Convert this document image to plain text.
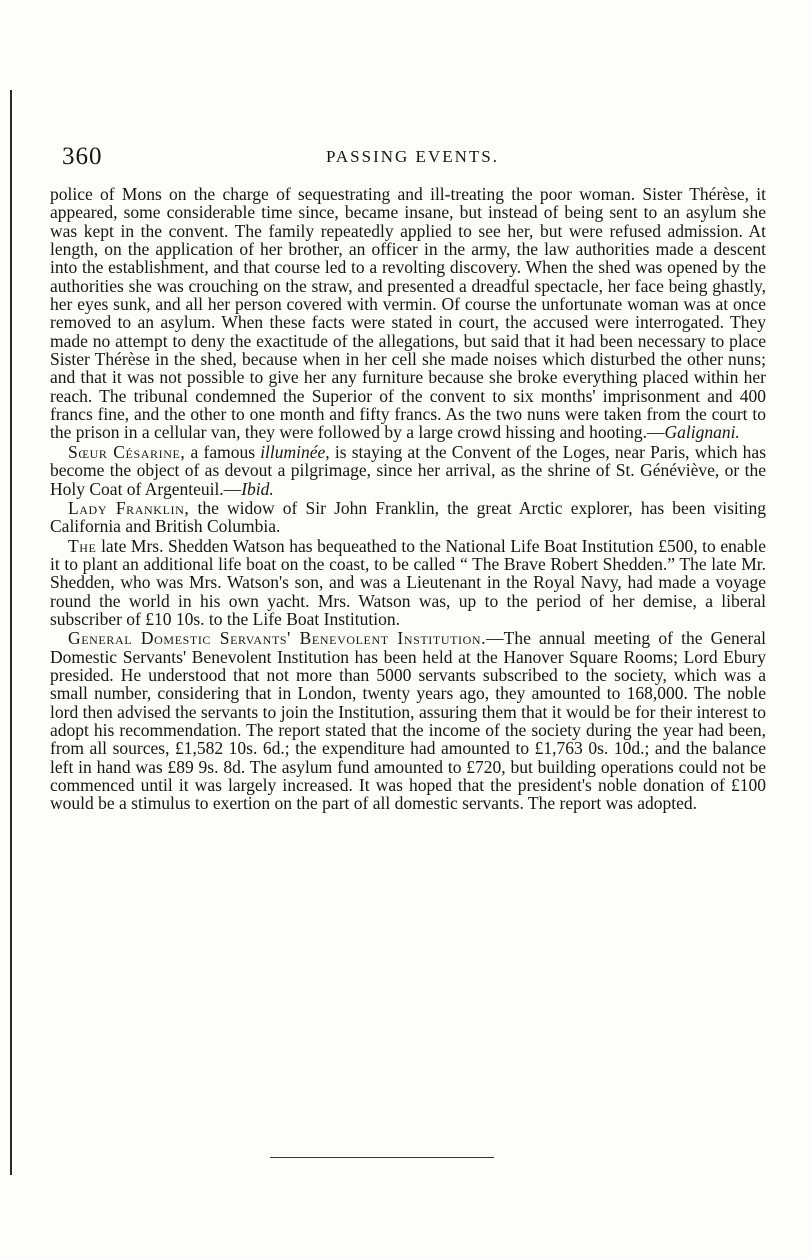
360	PASSING EVENTS.

police of Mons on the charge of sequestrating and ill-treating the poor woman. Sister Thérèse, it appeared, some considerable time since, became insane, but instead of being sent to an asylum she was kept in the convent. The family repeatedly applied to see her, but were refused admission. At length, on the application of her brother, an officer in the army, the law authorities made a descent into the establishment, and that course led to a revolting discovery. When the shed was opened by the authorities she was crouching on the straw, and presented a dreadful spectacle, her face being ghastly, her eyes sunk, and all her person covered with vermin. Of course the unfortunate woman was at once removed to an asylum. When these facts were stated in court, the accused were interrogated. They made no attempt to deny the exactitude of the allegations, but said that it had been necessary to place Sister Thérèse in the shed, because when in her cell she made noises which disturbed the other nuns; and that it was not possible to give her any furniture because she broke everything placed within her reach. The tribunal condemned the Superior of the convent to six months' imprisonment and 400 francs fine, and the other to one month and fifty francs. As the two nuns were taken from the court to the prison in a cellular van, they were followed by a large crowd hissing and hooting.—Galignani.

Sœur Césarine, a famous illuminée, is staying at the Convent of the Loges, near Paris, which has become the object of as devout a pilgrimage, since her arrival, as the shrine of St. Généviève, or the Holy Coat of Argenteuil.—Ibid.

Lady Franklin, the widow of Sir John Franklin, the great Arctic explorer, has been visiting California and British Columbia.

The late Mrs. Shedden Watson has bequeathed to the National Life Boat Institution £500, to enable it to plant an additional life boat on the coast, to be called “ The Brave Robert Shedden.” The late Mr. Shedden, who was Mrs. Watson's son, and was a Lieutenant in the Royal Navy, had made a voyage round the world in his own yacht. Mrs. Watson was, up to the period of her demise, a liberal subscriber of £10 10s. to the Life Boat Institution.

General Domestic Servants' Benevolent Institution.—The annual meeting of the General Domestic Servants' Benevolent Institution has been held at the Hanover Square Rooms; Lord Ebury presided. He understood that not more than 5000 servants subscribed to the society, which was a small number, considering that in London, twenty years ago, they amounted to 168,000. The noble lord then advised the servants to join the Institution, assuring them that it would be for their interest to adopt his recommendation. The report stated that the income of the society during the year had been, from all sources, £1,582 10s. 6d.; the expenditure had amounted to £1,763 0s. 10d.; and the balance left in hand was £89 9s. 8d. The asylum fund amounted to £720, but building operations could not be commenced until it was largely increased. It was hoped that the president's noble donation of £100 would be a stimulus to exertion on the part of all domestic servants. The report was adopted.
